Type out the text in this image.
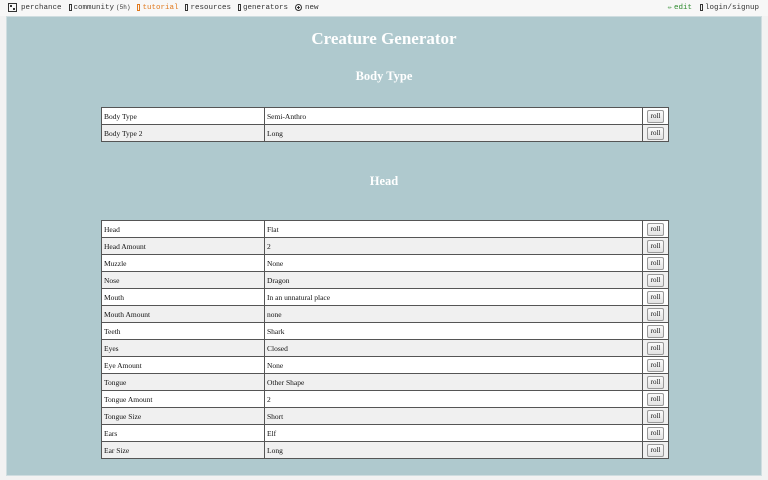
perchance community (5h) tutorial resources generators new	✏ edit login/signup
Creature Generator
Body Type
Body Type	Semi-Anthro	roll
Body Type 2	Long	roll
Head
Head	Flat	roll
Head Amount	2	roll
Muzzle	None	roll
Nose	Dragon	roll
Mouth	In an unnatural place	roll
Mouth Amount	none	roll
Teeth	Shark	roll
Eyes	Closed	roll
Eye Amount	None	roll
Tongue	Other Shape	roll
Tongue Amount	2	roll
Tongue Size	Short	roll
Ears	Elf	roll
Ear Size	Long	roll
